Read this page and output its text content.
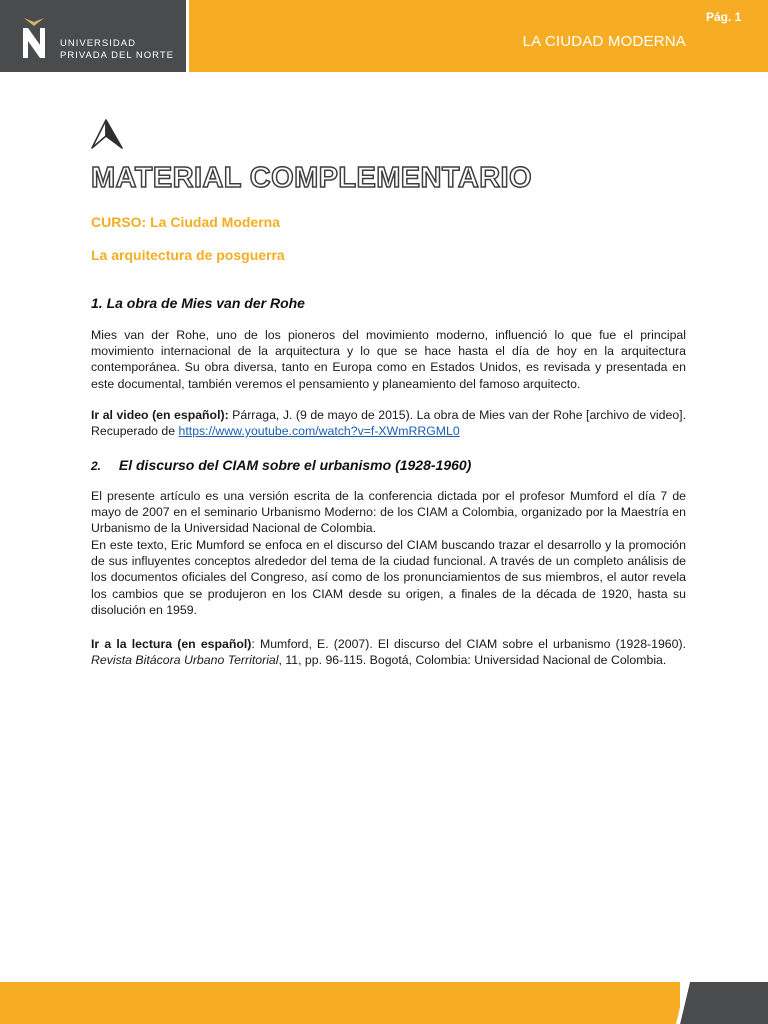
UNIVERSIDAD
PRIVADA DEL NORTE
LA CIUDAD MODERNA
MATERIAL COMPLEMENTARIO
CURSO: La Ciudad Moderna
La arquitectura de posguerra
1. La obra de Mies van der Rohe

Mies van der Rohe, uno de los pioneros del movimiento moderno, influenció lo que fue el principal movimiento internacional de la arquitectura y lo que se hace hasta el día de hoy en la arquitectura contemporánea. Su obra diversa, tanto en Europa como en Estados Unidos, es revisada y presentada en este documental, también veremos el pensamiento y planeamiento del famoso arquitecto.

Ir al video (en español): Párraga, J. (9 de mayo de 2015). La obra de Mies van der Rohe [archivo de video]. Recuperado de https://www.youtube.com/watch?v=f-XWmRRGML0

2. El discurso del CIAM sobre el urbanismo (1928-1960)

El presente artículo es una versión escrita de la conferencia dictada por el profesor Mumford el día 7 de mayo de 2007 en el seminario Urbanismo Moderno: de los CIAM a Colombia, organizado por la Maestría en Urbanismo de la Universidad Nacional de Colombia.

En este texto, Eric Mumford se enfoca en el discurso del CIAM buscando trazar el desarrollo y la promoción de sus influyentes conceptos alrededor del tema de la ciudad funcional. A través de un completo análisis de los documentos oficiales del Congreso, así como de los pronunciamientos de sus miembros, el autor revela los cambios que se produjeron en los CIAM desde su origen, a finales de la década de 1920, hasta su disolución en 1959.

Ir a la lectura (en español): Mumford, E. (2007). El discurso del CIAM sobre el urbanismo (1928-1960). Revista Bitácora Urbano Territorial, 11, pp. 96-115. Bogotá, Colombia: Universidad Nacional de Colombia.

Pág. 1
